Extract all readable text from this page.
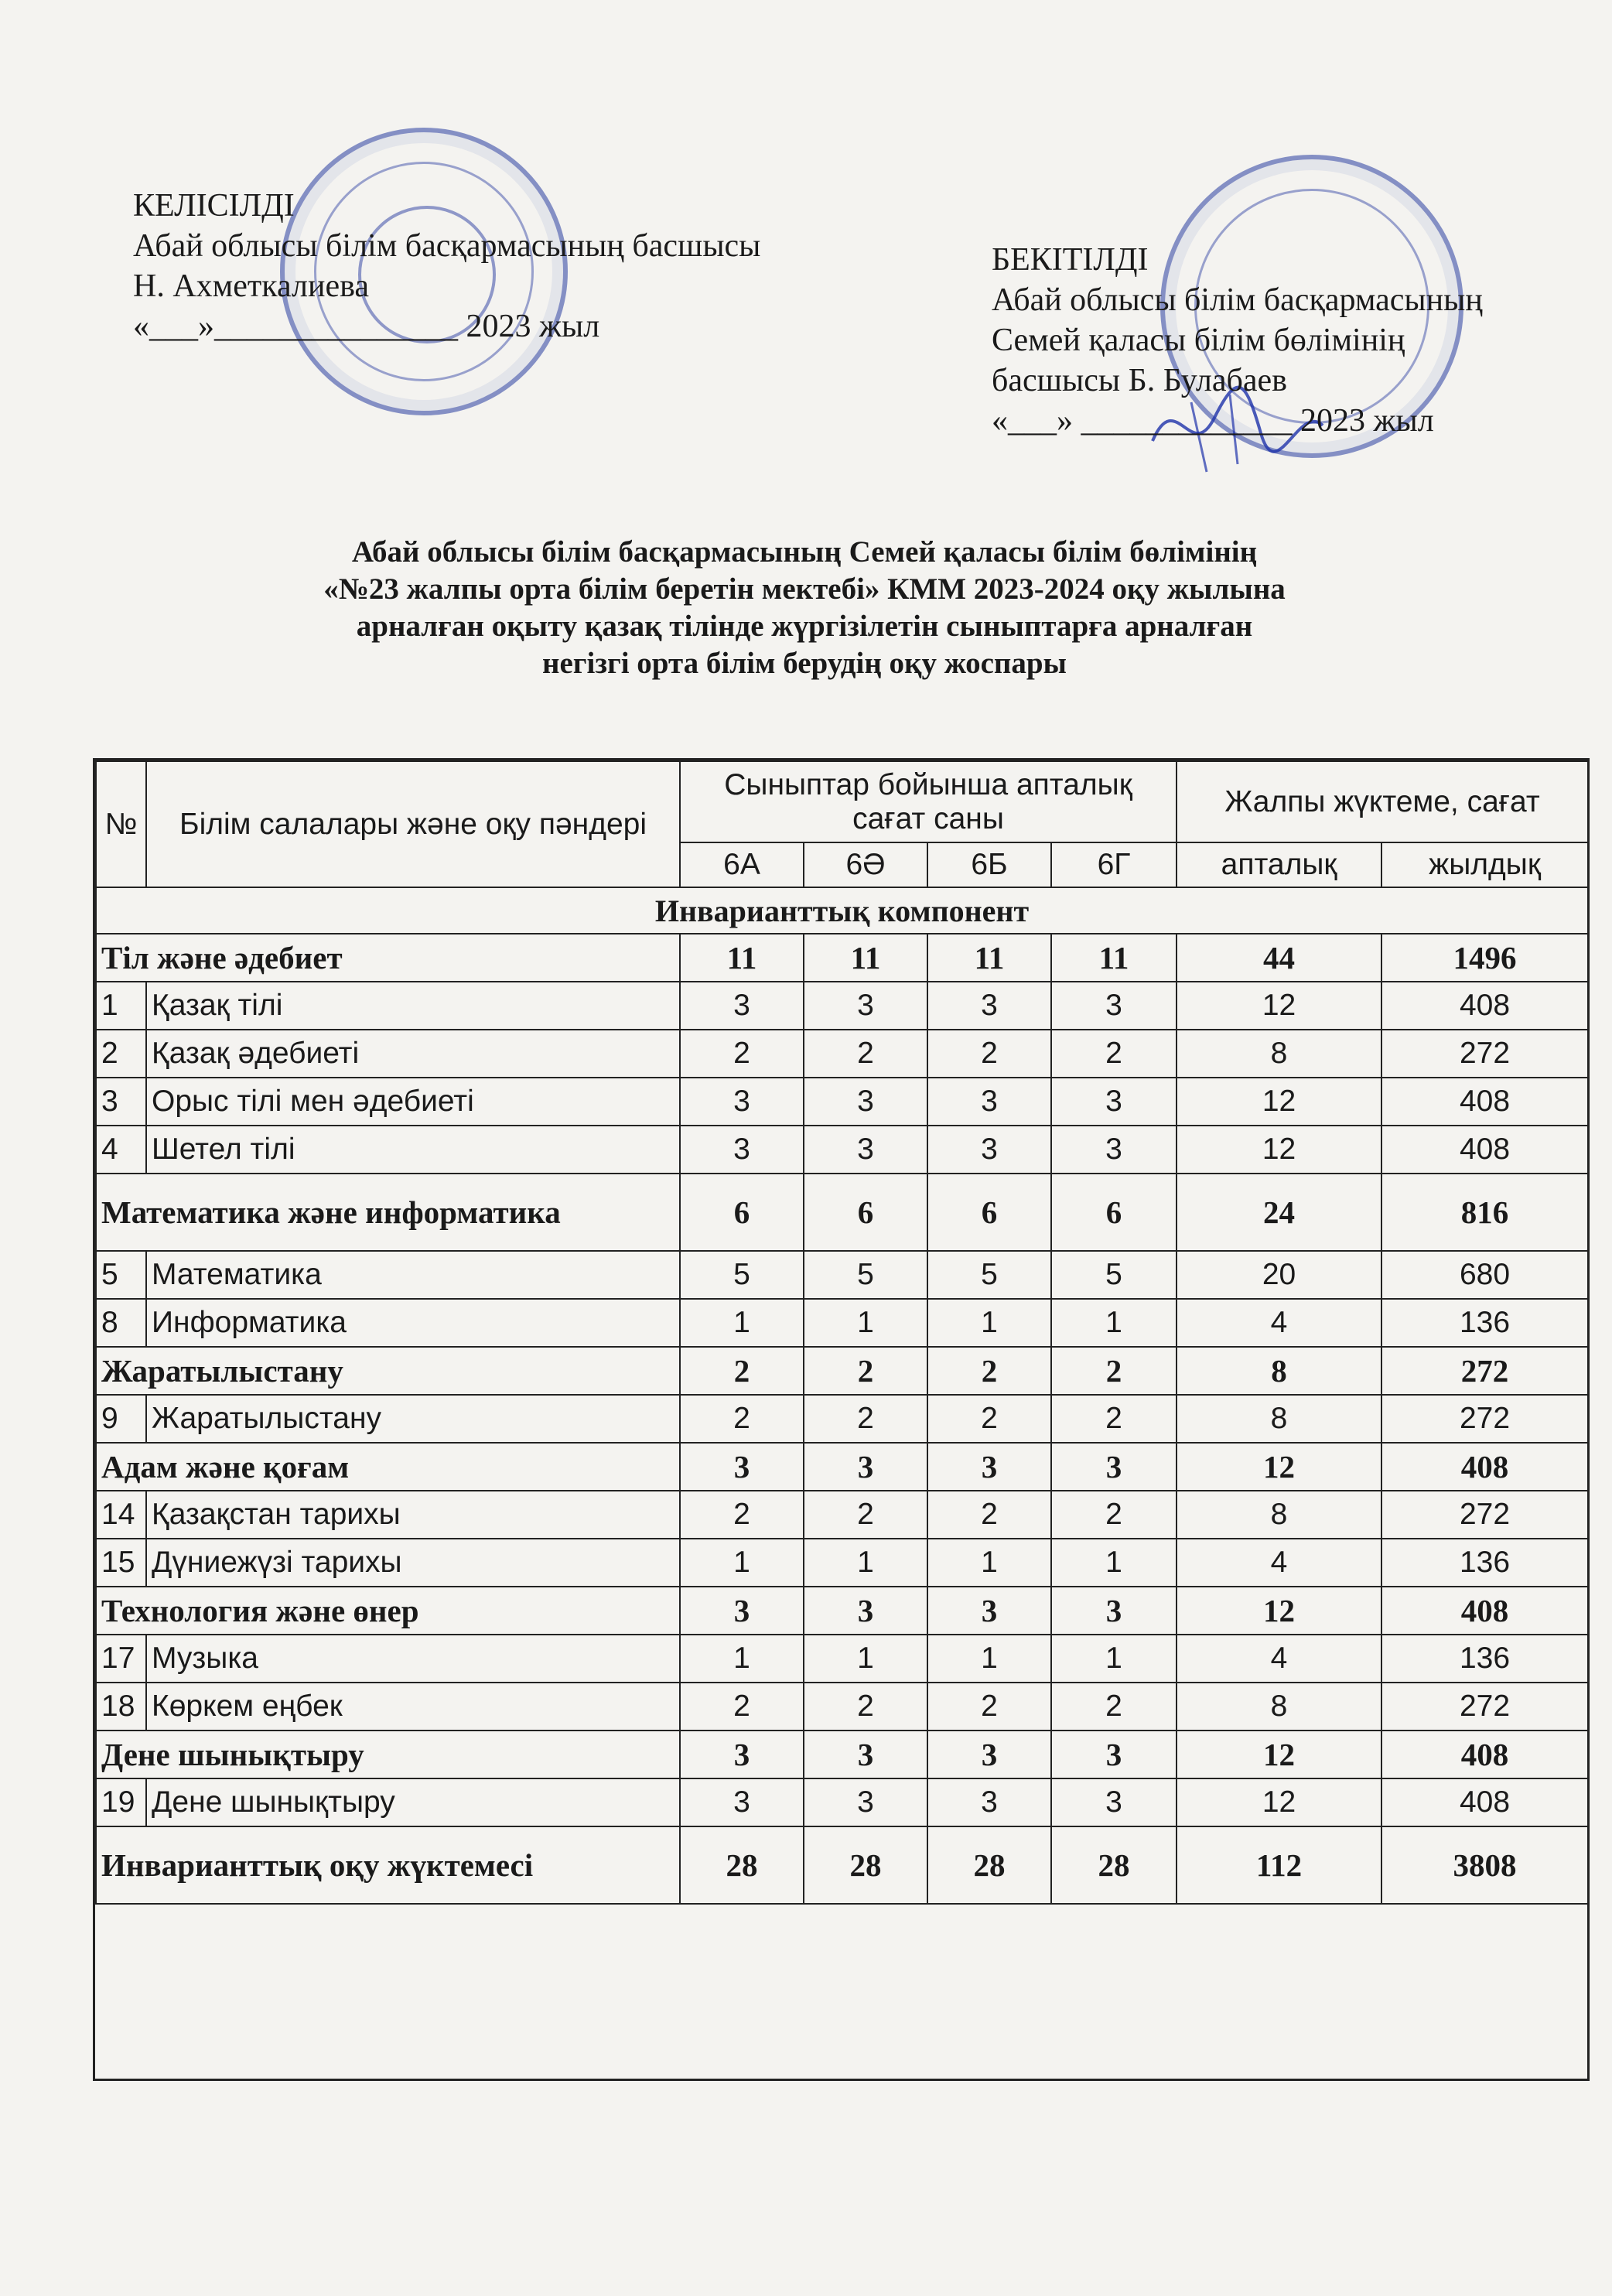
КЕЛІСІЛДІ
Абай облысы білім басқармасының басшысы
Н. Ахметкалиева
«___»_______________ 2023 жыл
БЕКІТІЛДІ
Абай облысы білім басқармасының
Семей қаласы білім бөлімінің
басшысы Б. Булабаев
«___» _____________ 2023 жыл
Абай облысы білім басқармасының Семей қаласы білім бөлімінің
«№23 жалпы орта білім беретін мектебі» КММ 2023-2024 оқу жылына
арналған оқыту қазақ тілінде жүргізілетін сыныптарға арналған
негізгі орта білім берудің оқу жоспары
№	Білім салалары және оқу пәндері	Сыныптар бойынша апталық сағат саны				Жалпы жүктеме, сағат	
		6А	6Ә	6Б	6Г	апталық	жылдық
Инварианттық компонент							
Тіл және әдебиет		11	11	11	11	44	1496
1	Қазақ тілі	3	3	3	3	12	408
2	Қазақ әдебиеті	2	2	2	2	8	272
3	Орыс тілі мен әдебиеті	3	3	3	3	12	408
4	Шетел тілі	3	3	3	3	12	408
Математика және информатика		6	6	6	6	24	816
5	Математика	5	5	5	5	20	680
8	Информатика	1	1	1	1	4	136
Жаратылыстану		2	2	2	2	8	272
9	Жаратылыстану	2	2	2	2	8	272
Адам және қоғам		3	3	3	3	12	408
14	Қазақстан тарихы	2	2	2	2	8	272
15	Дүниежүзі тарихы	1	1	1	1	4	136
Технология және өнер		3	3	3	3	12	408
17	Музыка	1	1	1	1	4	136
18	Көркем еңбек	2	2	2	2	8	272
Дене шынықтыру		3	3	3	3	12	408
19	Дене шынықтыру	3	3	3	3	12	408
Инварианттық оқу жүктемесі		28	28	28	28	112	3808
